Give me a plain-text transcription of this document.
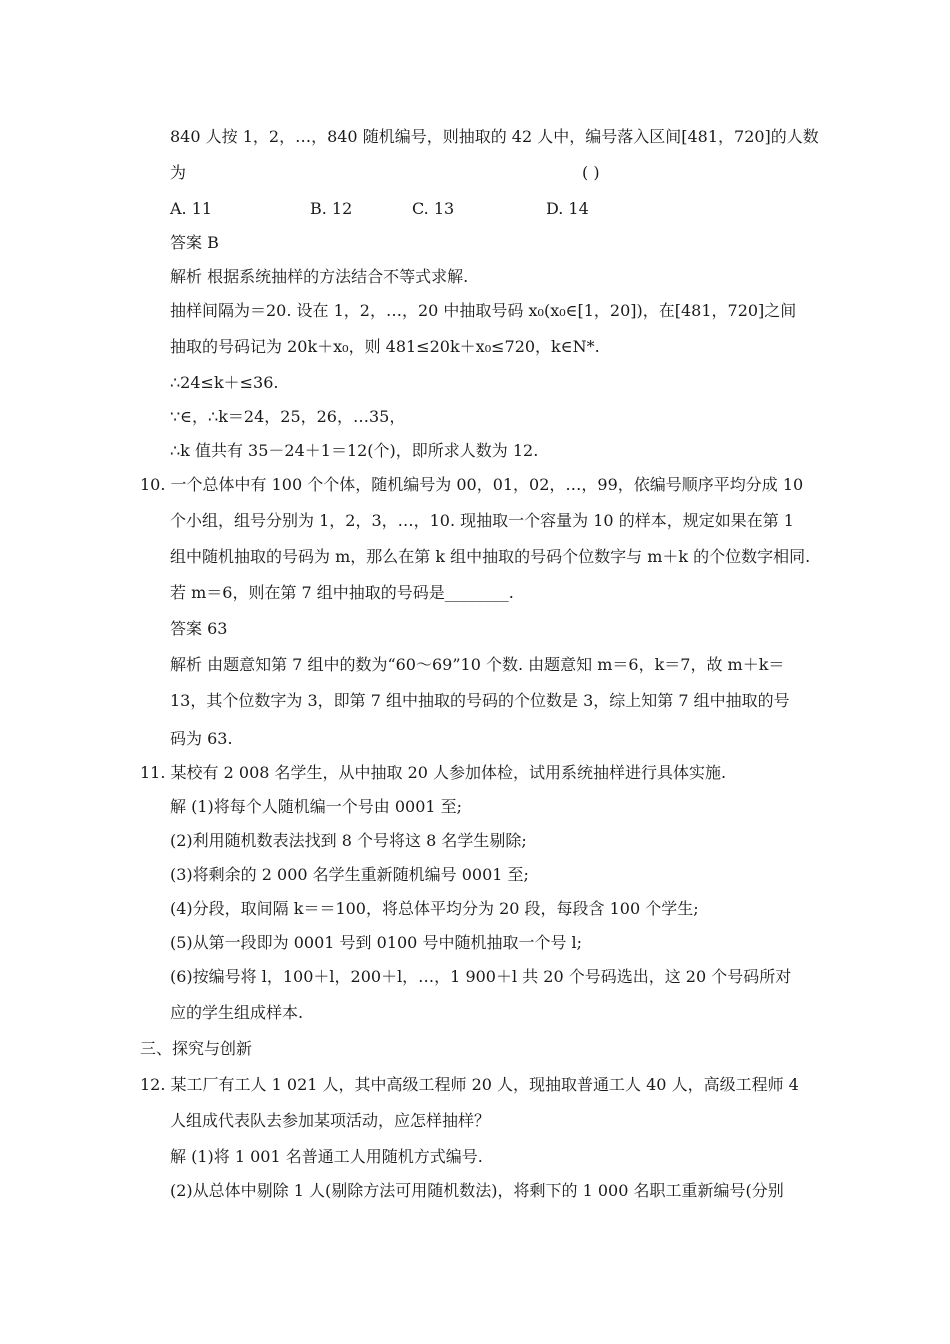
840 人按 1，2，…，840 随机编号，则抽取的 42 人中，编号落入区间[481，720]的人数
为	( )
A. 11	B. 12	C. 13	D. 14
答案 B
解析 根据系统抽样的方法结合不等式求解.
抽样间隔为＝20. 设在 1，2，…，20 中抽取号码 x₀(x₀∈[1，20])，在[481，720]之间
抽取的号码记为 20k＋x₀，则 481≤20k＋x₀≤720，k∈N*.
∴24≤k＋≤36.
∵∈，∴k＝24，25，26，…35，
∴k 值共有 35－24＋1＝12(个)，即所求人数为 12.
10. 一个总体中有 100 个个体，随机编号为 00，01，02，…，99，依编号顺序平均分成 10
个小组，组号分别为 1，2，3，…，10. 现抽取一个容量为 10 的样本，规定如果在第 1
组中随机抽取的号码为 m，那么在第 k 组中抽取的号码个位数字与 m＋k 的个位数字相同.
若 m＝6，则在第 7 组中抽取的号码是________.
答案 63
解析 由题意知第 7 组中的数为“60～69”10 个数. 由题意知 m＝6，k＝7，故 m＋k＝
13，其个位数字为 3，即第 7 组中抽取的号码的个位数是 3，综上知第 7 组中抽取的号
码为 63.
11. 某校有 2 008 名学生，从中抽取 20 人参加体检，试用系统抽样进行具体实施.
解 (1)将每个人随机编一个号由 0001 至;
(2)利用随机数表法找到 8 个号将这 8 名学生剔除;
(3)将剩余的 2 000 名学生重新随机编号 0001 至;
(4)分段，取间隔 k＝＝100，将总体平均分为 20 段，每段含 100 个学生;
(5)从第一段即为 0001 号到 0100 号中随机抽取一个号 l;
(6)按编号将 l，100＋l，200＋l，…，1 900＋l 共 20 个号码选出，这 20 个号码所对
应的学生组成样本.
三、探究与创新
12. 某工厂有工人 1 021 人，其中高级工程师 20 人，现抽取普通工人 40 人，高级工程师 4
人组成代表队去参加某项活动，应怎样抽样？
解 (1)将 1 001 名普通工人用随机方式编号.
(2)从总体中剔除 1 人(剔除方法可用随机数法)，将剩下的 1 000 名职工重新编号(分别
